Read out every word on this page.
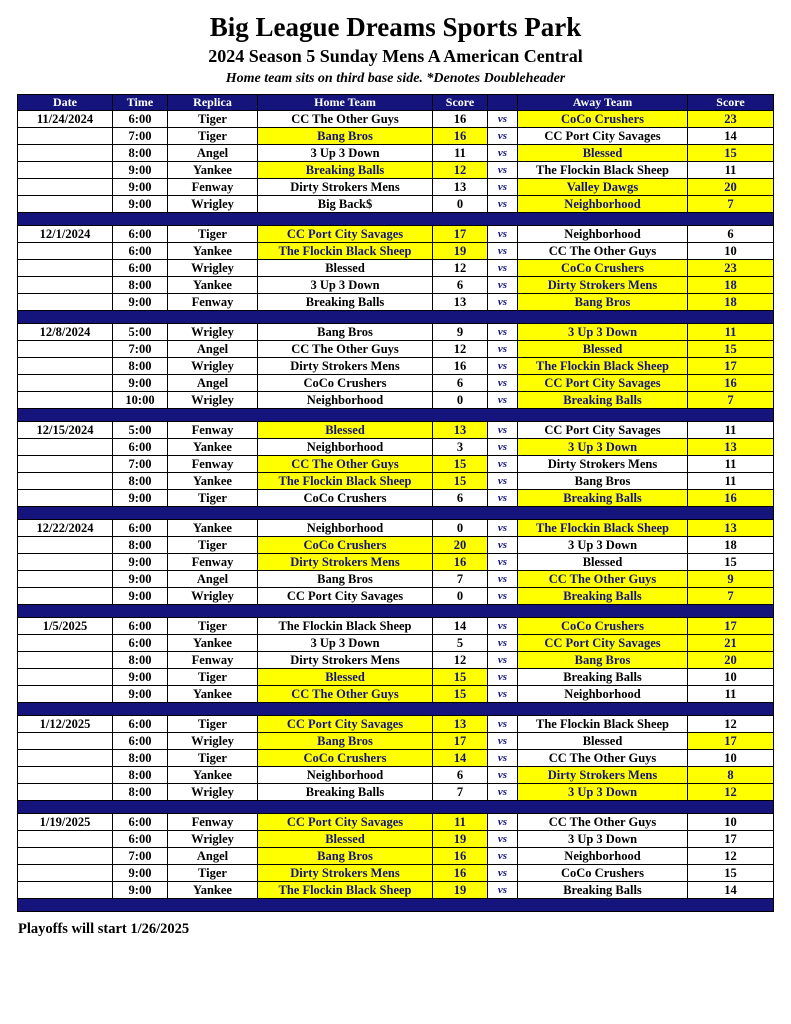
Big League Dreams Sports Park
2024 Season 5 Sunday Mens A American Central
Home team sits on third base side. *Denotes Doubleheader
Date	Time	Replica	Home Team	Score		Away Team	Score
11/24/2024	6:00	Tiger	CC The Other Guys	16	vs	CoCo Crushers	23
	7:00	Tiger	Bang Bros	16	vs	CC Port City Savages	14
	8:00	Angel	3 Up 3 Down	11	vs	Blessed	15
	9:00	Yankee	Breaking Balls	12	vs	The Flockin Black Sheep	11
	9:00	Fenway	Dirty Strokers Mens	13	vs	Valley Dawgs	20
	9:00	Wrigley	Big Back$	0	vs	Neighborhood	7

12/1/2024	6:00	Tiger	CC Port City Savages	17	vs	Neighborhood	6
	6:00	Yankee	The Flockin Black Sheep	19	vs	CC The Other Guys	10
	6:00	Wrigley	Blessed	12	vs	CoCo Crushers	23
	8:00	Yankee	3 Up 3 Down	6	vs	Dirty Strokers Mens	18
	9:00	Fenway	Breaking Balls	13	vs	Bang Bros	18

12/8/2024	5:00	Wrigley	Bang Bros	9	vs	3 Up 3 Down	11
	7:00	Angel	CC The Other Guys	12	vs	Blessed	15
	8:00	Wrigley	Dirty Strokers Mens	16	vs	The Flockin Black Sheep	17
	9:00	Angel	CoCo Crushers	6	vs	CC Port City Savages	16
	10:00	Wrigley	Neighborhood	0	vs	Breaking Balls	7

12/15/2024	5:00	Fenway	Blessed	13	vs	CC Port City Savages	11
	6:00	Yankee	Neighborhood	3	vs	3 Up 3 Down	13
	7:00	Fenway	CC The Other Guys	15	vs	Dirty Strokers Mens	11
	8:00	Yankee	The Flockin Black Sheep	15	vs	Bang Bros	11
	9:00	Tiger	CoCo Crushers	6	vs	Breaking Balls	16

12/22/2024	6:00	Yankee	Neighborhood	0	vs	The Flockin Black Sheep	13
	8:00	Tiger	CoCo Crushers	20	vs	3 Up 3 Down	18
	9:00	Fenway	Dirty Strokers Mens	16	vs	Blessed	15
	9:00	Angel	Bang Bros	7	vs	CC The Other Guys	9
	9:00	Wrigley	CC Port City Savages	0	vs	Breaking Balls	7

1/5/2025	6:00	Tiger	The Flockin Black Sheep	14	vs	CoCo Crushers	17
	6:00	Yankee	3 Up 3 Down	5	vs	CC Port City Savages	21
	8:00	Fenway	Dirty Strokers Mens	12	vs	Bang Bros	20
	9:00	Tiger	Blessed	15	vs	Breaking Balls	10
	9:00	Yankee	CC The Other Guys	15	vs	Neighborhood	11

1/12/2025	6:00	Tiger	CC Port City Savages	13	vs	The Flockin Black Sheep	12
	6:00	Wrigley	Bang Bros	17	vs	Blessed	17
	8:00	Tiger	CoCo Crushers	14	vs	CC The Other Guys	10
	8:00	Yankee	Neighborhood	6	vs	Dirty Strokers Mens	8
	8:00	Wrigley	Breaking Balls	7	vs	3 Up 3 Down	12

1/19/2025	6:00	Fenway	CC Port City Savages	11	vs	CC The Other Guys	10
	6:00	Wrigley	Blessed	19	vs	3 Up 3 Down	17
	7:00	Angel	Bang Bros	16	vs	Neighborhood	12
	9:00	Tiger	Dirty Strokers Mens	16	vs	CoCo Crushers	15
	9:00	Yankee	The Flockin Black Sheep	19	vs	Breaking Balls	14

Playoffs will start 1/26/2025
